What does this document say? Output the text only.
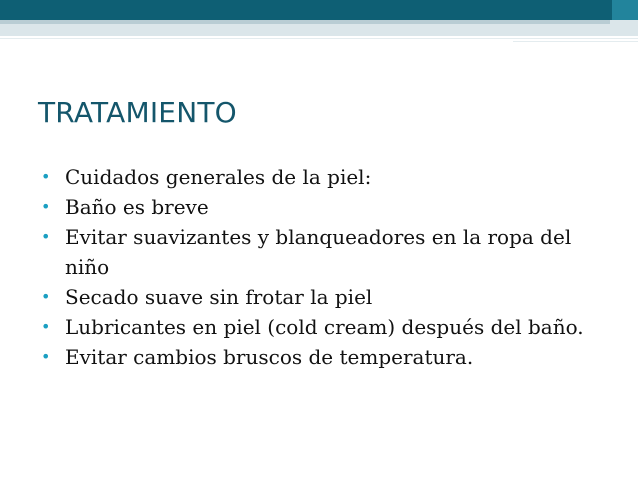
TRATAMIENTO
• Cuidados generales de la piel:
• Baño es breve
• Evitar suavizantes y blanqueadores en la ropa del niño
• Secado suave sin frotar la piel
• Lubricantes en piel (cold cream) después del baño.
• Evitar cambios bruscos de temperatura.
